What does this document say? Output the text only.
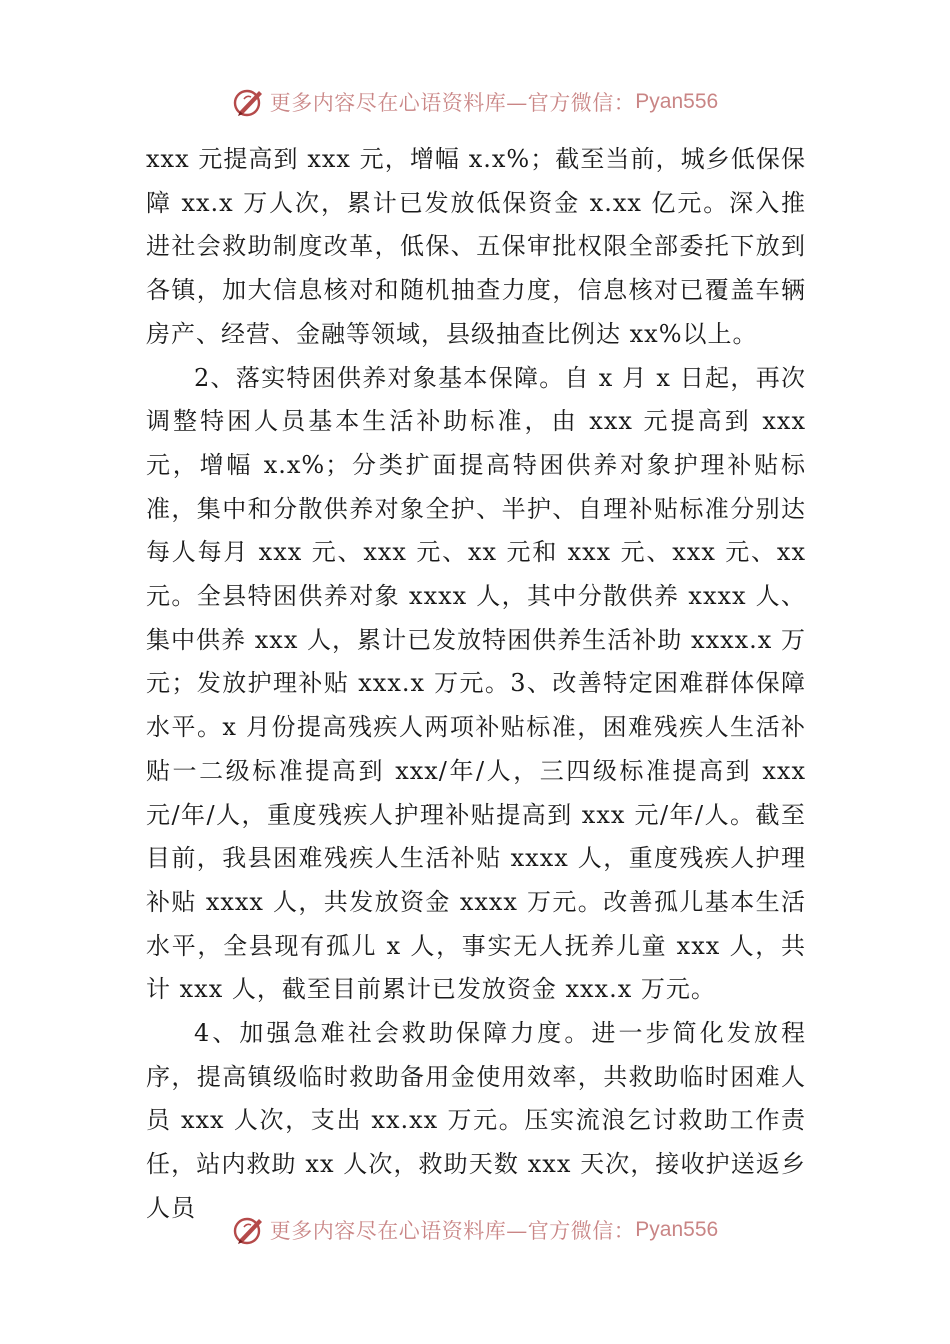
更多内容尽在心语资料库—官方微信： Pyan556

xxx 元提高到 xxx 元，增幅 x.x%；截至当前，城乡低保保障 xx.x 万人次，累计已发放低保资金 x.xx 亿元。深入推进社会救助制度改革，低保、五保审批权限全部委托下放到各镇，加大信息核对和随机抽查力度，信息核对已覆盖车辆房产、经营、金融等领域，县级抽查比例达 xx%以上。

2、落实特困供养对象基本保障。自 x 月 x 日起，再次调整特困人员基本生活补助标准，由 xxx 元提高到 xxx 元，增幅 x.x%；分类扩面提高特困供养对象护理补贴标准，集中和分散供养对象全护、半护、自理补贴标准分别达每人每月 xxx 元、xxx 元、xx 元和 xxx 元、xxx 元、xx 元。全县特困供养对象 xxxx 人，其中分散供养 xxxx 人、集中供养 xxx 人，累计已发放特困供养生活补助 xxxx.x 万元；发放护理补贴 xxx.x 万元。3、改善特定困难群体保障水平。x 月份提高残疾人两项补贴标准，困难残疾人生活补贴一二级标准提高到 xxx/年/人，三四级标准提高到 xxx 元/年/人，重度残疾人护理补贴提高到 xxx 元/年/人。截至目前，我县困难残疾人生活补贴 xxxx 人，重度残疾人护理补贴 xxxx 人，共发放资金 xxxx 万元。改善孤儿基本生活水平，全县现有孤儿 x 人，事实无人抚养儿童 xxx 人，共计 xxx 人，截至目前累计已发放资金 xxx.x 万元。

4、加强急难社会救助保障力度。进一步简化发放程序，提高镇级临时救助备用金使用效率，共救助临时困难人员 xxx 人次，支出 xx.xx 万元。压实流浪乞讨救助工作责任，站内救助 xx 人次，救助天数 xxx 天次，接收护送返乡人员

更多内容尽在心语资料库—官方微信： Pyan556
